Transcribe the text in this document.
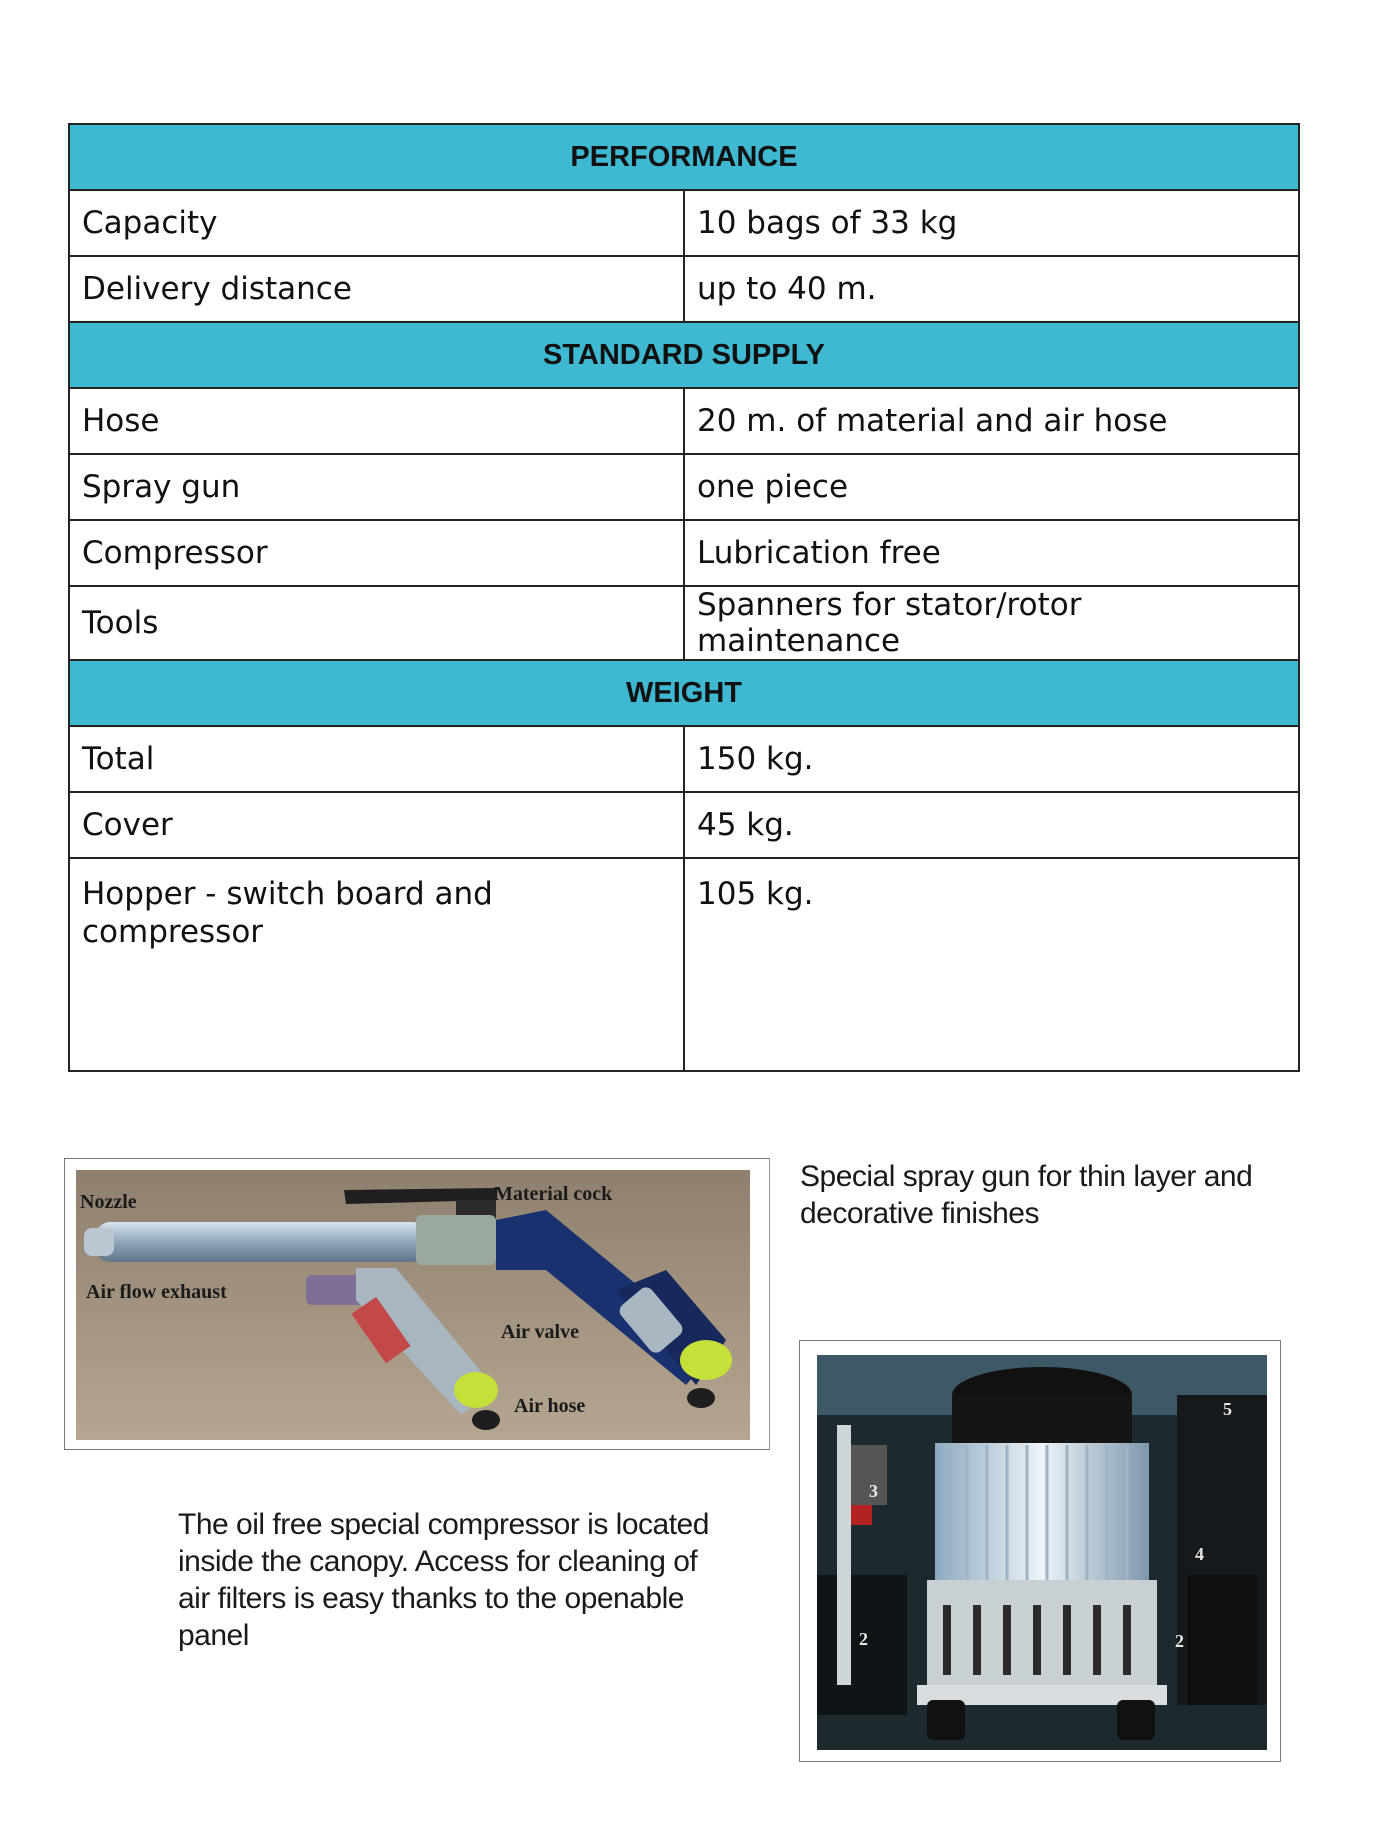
PERFORMANCE	
Capacity	10 bags of 33 kg
Delivery distance	up to 40 m.
STANDARD SUPPLY	
Hose	20 m. of material and air hose
Spray gun	one piece
Compressor	Lubrication free
Tools	Spanners for stator/rotor maintenance
WEIGHT	
Total	150 kg.
Cover	45 kg.
Hopper - switch board and compressor	105 kg.
Nozzle	Material cock
Air flow exhaust
Air valve
Air hose
Special spray gun for thin layer and decorative finishes
The oil free special compressor is located inside the canopy. Access for cleaning of air filters is easy thanks to the openable panel
5
3
4
2	2
